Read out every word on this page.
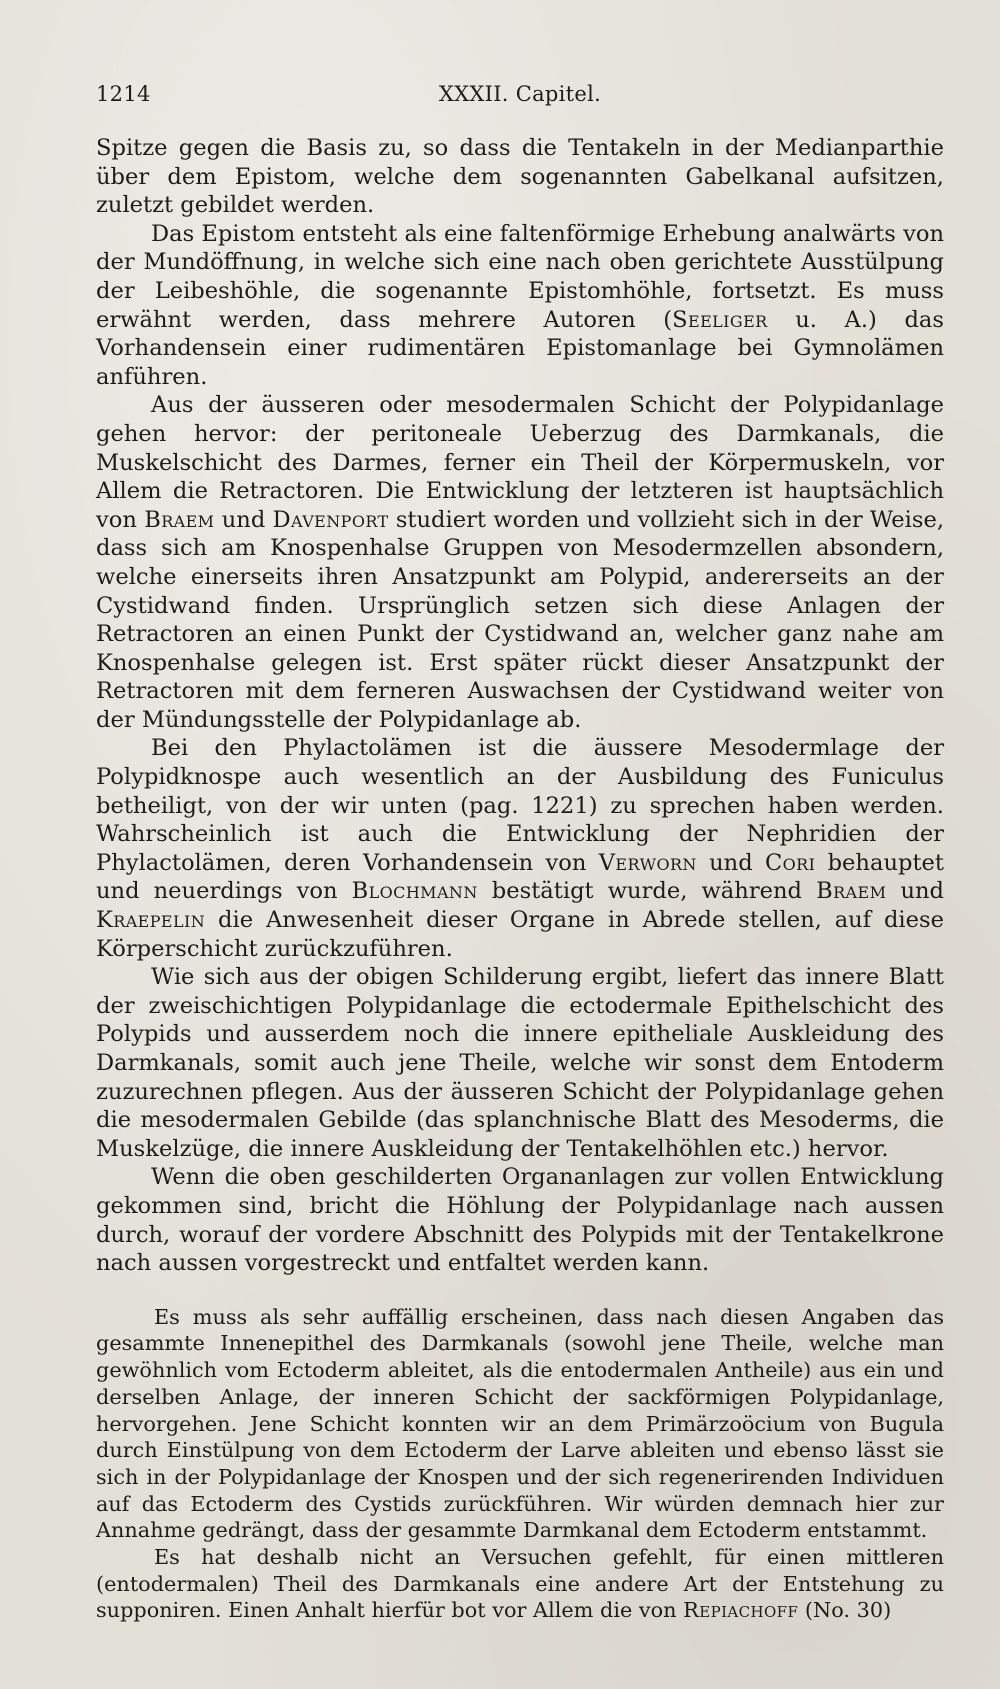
1214	XXXII. Capitel.

Spitze gegen die Basis zu, so dass die Tentakeln in der Medianparthie über dem Epistom, welche dem sogenannten Gabelkanal aufsitzen, zuletzt gebildet werden.

Das Epistom entsteht als eine faltenförmige Erhebung analwärts von der Mundöffnung, in welche sich eine nach oben gerichtete Ausstülpung der Leibeshöhle, die sogenannte Epistomhöhle, fortsetzt. Es muss erwähnt werden, dass mehrere Autoren (Seeliger u. A.) das Vorhandensein einer rudimentären Epistomanlage bei Gymnolämen anführen.

Aus der äusseren oder mesodermalen Schicht der Polypidanlage gehen hervor: der peritoneale Ueberzug des Darmkanals, die Muskelschicht des Darmes, ferner ein Theil der Körpermuskeln, vor Allem die Retractoren. Die Entwicklung der letzteren ist hauptsächlich von Braem und Davenport studiert worden und vollzieht sich in der Weise, dass sich am Knospenhalse Gruppen von Mesodermzellen absondern, welche einerseits ihren Ansatzpunkt am Polypid, andererseits an der Cystidwand finden. Ursprünglich setzen sich diese Anlagen der Retractoren an einen Punkt der Cystidwand an, welcher ganz nahe am Knospenhalse gelegen ist. Erst später rückt dieser Ansatzpunkt der Retractoren mit dem ferneren Auswachsen der Cystidwand weiter von der Mündungsstelle der Polypidanlage ab.

Bei den Phylactolämen ist die äussere Mesodermlage der Polypidknospe auch wesentlich an der Ausbildung des Funiculus betheiligt, von der wir unten (pag. 1221) zu sprechen haben werden. Wahrscheinlich ist auch die Entwicklung der Nephridien der Phylactolämen, deren Vorhandensein von Verworn und Cori behauptet und neuerdings von Blochmann bestätigt wurde, während Braem und Kraepelin die Anwesenheit dieser Organe in Abrede stellen, auf diese Körperschicht zurückzuführen.

Wie sich aus der obigen Schilderung ergibt, liefert das innere Blatt der zweischichtigen Polypidanlage die ectodermale Epithelschicht des Polypids und ausserdem noch die innere epitheliale Auskleidung des Darmkanals, somit auch jene Theile, welche wir sonst dem Entoderm zuzurechnen pflegen. Aus der äusseren Schicht der Polypidanlage gehen die mesodermalen Gebilde (das splanchnische Blatt des Mesoderms, die Muskelzüge, die innere Auskleidung der Tentakelhöhlen etc.) hervor.

Wenn die oben geschilderten Organanlagen zur vollen Entwicklung gekommen sind, bricht die Höhlung der Polypidanlage nach aussen durch, worauf der vordere Abschnitt des Polypids mit der Tentakelkrone nach aussen vorgestreckt und entfaltet werden kann.

Es muss als sehr auffällig erscheinen, dass nach diesen Angaben das gesammte Innenepithel des Darmkanals (sowohl jene Theile, welche man gewöhnlich vom Ectoderm ableitet, als die entodermalen Antheile) aus ein und derselben Anlage, der inneren Schicht der sackförmigen Polypidanlage, hervorgehen. Jene Schicht konnten wir an dem Primärzoöcium von Bugula durch Einstülpung von dem Ectoderm der Larve ableiten und ebenso lässt sie sich in der Polypidanlage der Knospen und der sich regenerirenden Individuen auf das Ectoderm des Cystids zurückführen. Wir würden demnach hier zur Annahme gedrängt, dass der gesammte Darmkanal dem Ectoderm entstammt.

Es hat deshalb nicht an Versuchen gefehlt, für einen mittleren (entodermalen) Theil des Darmkanals eine andere Art der Entstehung zu supponiren. Einen Anhalt hierfür bot vor Allem die von Repiachoff (No. 30)
